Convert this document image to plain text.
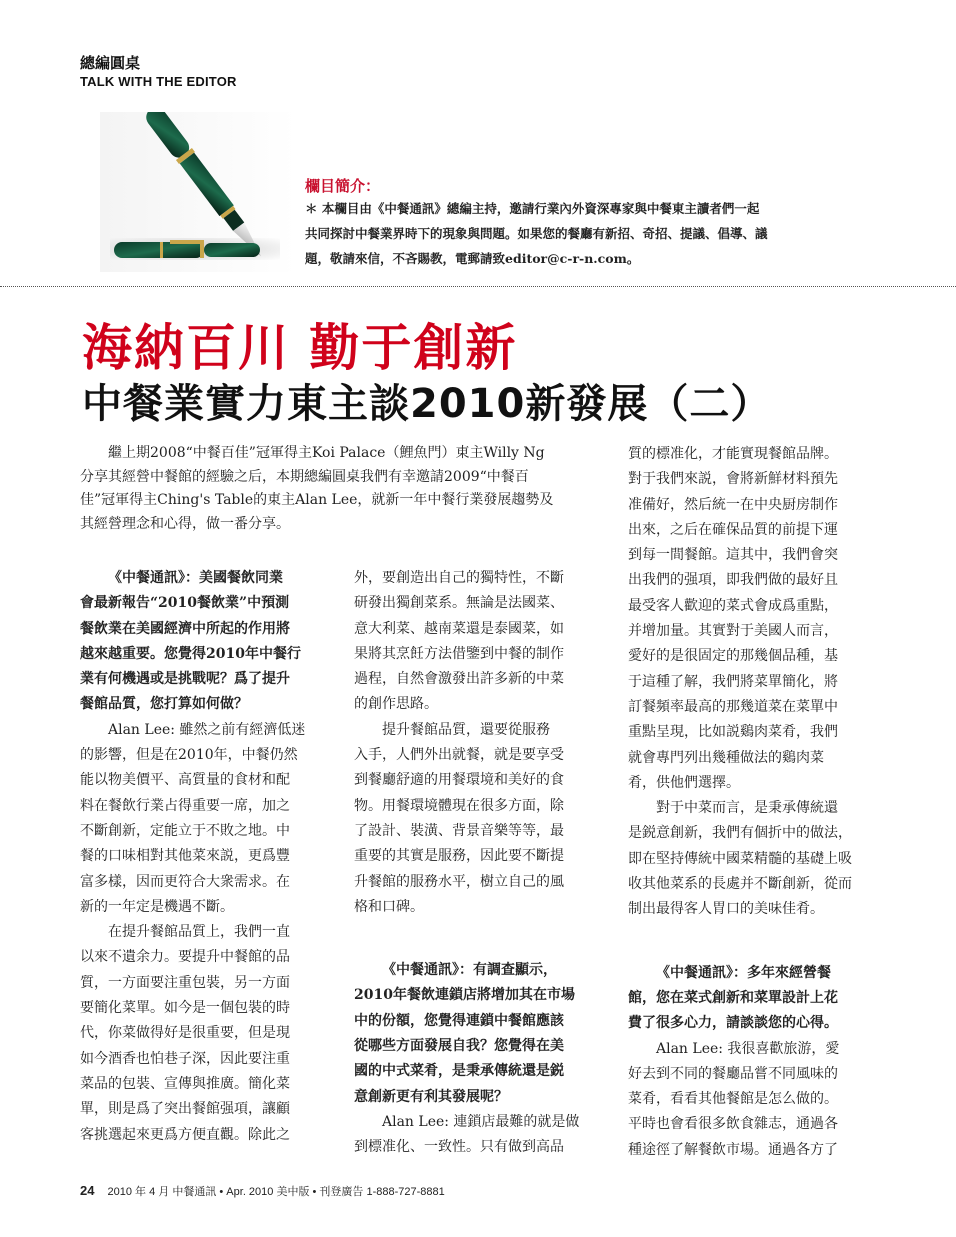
總編圓桌
TALK WITH THE EDITOR
欄目簡介：

＊ 本欄目由《中餐通訊》總編主持，邀請行業內外資深專家與中餐東主讀者們一起

共同探討中餐業界時下的現象與問題。如果您的餐廳有新招、奇招、提議、倡導、議

題，敬請來信，不吝賜教，電郵請致editor@c-r-n.com。

海納百川 勤于創新
中餐業實力東主談2010新發展（二）

繼上期2008“中餐百佳”冠軍得主Koi Palace（鯉魚門）東主Willy Ng

分享其經營中餐館的經驗之后，本期總編圓桌我們有幸邀請2009“中餐百

佳”冠軍得主Ching's Table的東主Alan Lee，就新一年中餐行業發展趨勢及

其經營理念和心得，做一番分享。

《中餐通訊》：美國餐飲同業

會最新報告“2010餐飲業”中預測

餐飲業在美國經濟中所起的作用將

越來越重要。您覺得2010年中餐行

業有何機遇或是挑戰呢？爲了提升

餐館品質，您打算如何做？

Alan Lee: 雖然之前有經濟低迷

的影響，但是在2010年，中餐仍然

能以物美價平、高質量的食材和配

料在餐飲行業占得重要一席，加之

不斷創新，定能立于不敗之地。中

餐的口味相對其他菜來説，更爲豐

富多樣，因而更符合大衆需求。在

新的一年定是機遇不斷。

在提升餐館品質上，我們一直

以來不遺余力。要提升中餐館的品

質，一方面要注重包裝，另一方面

要簡化菜單。如今是一個包裝的時

代，你菜做得好是很重要，但是現

如今酒香也怕巷子深，因此要注重

菜品的包裝、宣傳與推廣。簡化菜

單，則是爲了突出餐館强項，讓顧

客挑選起來更爲方便直觀。除此之

外，要創造出自己的獨特性，不斷

研發出獨創菜系。無論是法國菜、

意大利菜、越南菜還是泰國菜，如

果將其烹飪方法借鑒到中餐的制作

過程，自然會激發出許多新的中菜

的創作思路。

提升餐館品質，還要從服務

入手，人們外出就餐，就是要享受

到餐廳舒適的用餐環境和美好的食

物。用餐環境體現在很多方面，除

了設計、裝潢、背景音樂等等，最

重要的其實是服務，因此要不斷提

升餐館的服務水平，樹立自己的風

格和口碑。

《中餐通訊》：有調查顯示，

2010年餐飲連鎖店將增加其在市場

中的份額，您覺得連鎖中餐館應該

從哪些方面發展自我？您覺得在美

國的中式菜肴，是秉承傳統還是鋭

意創新更有利其發展呢？

Alan Lee: 連鎖店最難的就是做

到標准化、一致性。只有做到高品

質的標准化，才能實現餐館品牌。

對于我們來説，會將新鮮材料預先

准備好，然后統一在中央厨房制作

出來，之后在確保品質的前提下運

到每一間餐館。這其中，我們會突

出我們的强項，即我們做的最好且

最受客人歡迎的菜式會成爲重點，

并增加量。其實對于美國人而言，

愛好的是很固定的那幾個品種，基

于這種了解，我們將菜單簡化，將

訂餐頻率最高的那幾道菜在菜單中

重點呈現，比如説鷄肉菜肴，我們

就會專門列出幾種做法的鷄肉菜

肴，供他們選擇。

對于中菜而言，是秉承傳統還

是鋭意創新，我們有個折中的做法，

即在堅持傳統中國菜精髓的基礎上吸

收其他菜系的長處并不斷創新，從而

制出最得客人胃口的美味佳肴。

《中餐通訊》：多年來經營餐

館，您在菜式創新和菜單設計上花

費了很多心力，請談談您的心得。

Alan Lee: 我很喜歡旅游，愛

好去到不同的餐廳品嘗不同風味的

菜肴，看看其他餐館是怎么做的。

平時也會看很多飲食雜志，通過各

種途徑了解餐飲市場。通過各方了

24 2010 年 4 月 中餐通訊 • Apr. 2010 美中版 • 刊登廣告 1-888-727-8881
